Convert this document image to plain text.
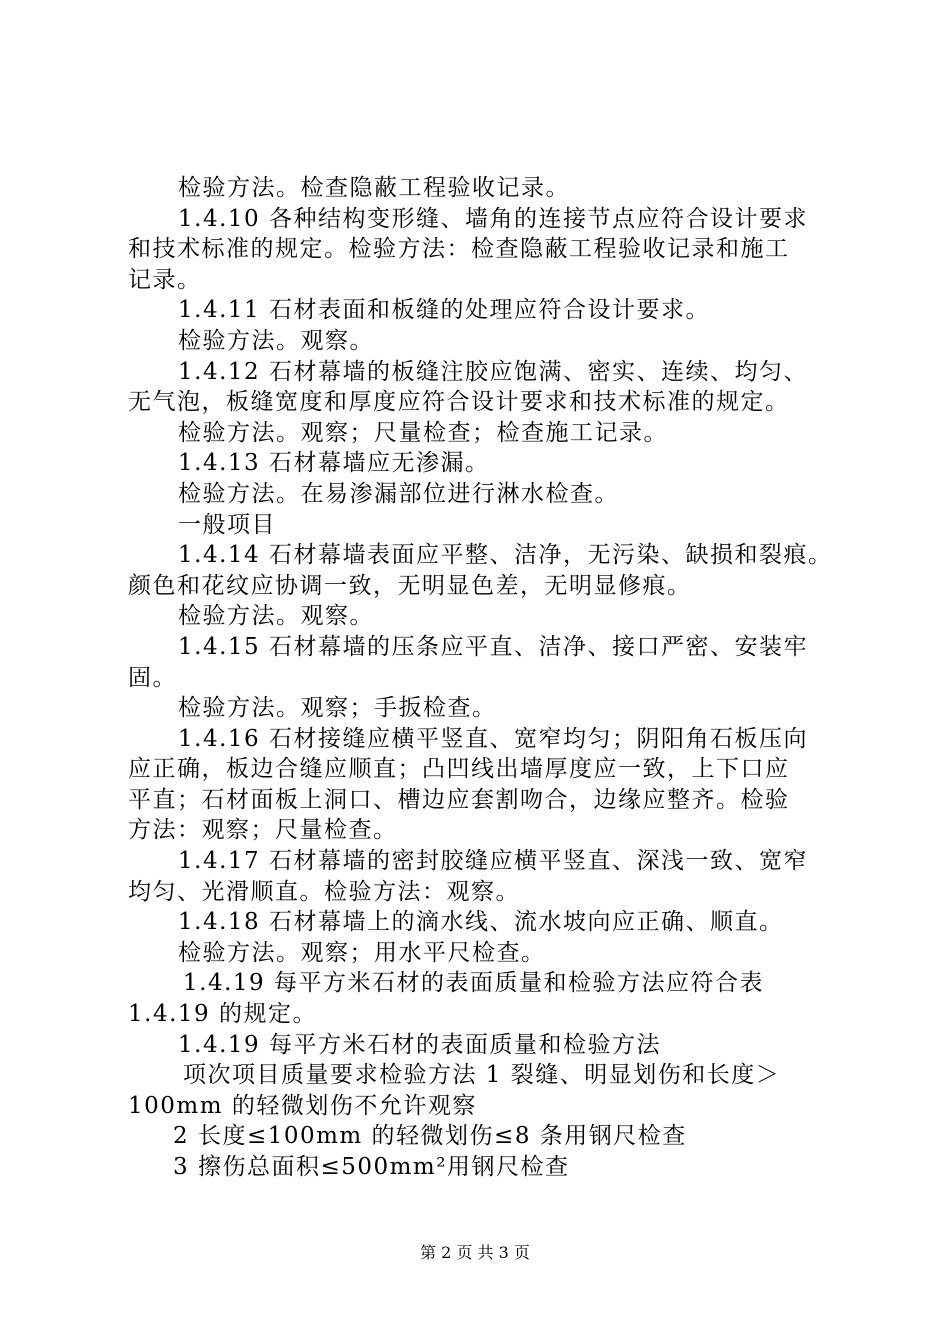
检验方法。检查隐蔽工程验收记录。
1.4.10 各种结构变形缝、墙角的连接节点应符合设计要求
和技术标准的规定。检验方法：检查隐蔽工程验收记录和施工
记录。
1.4.11 石材表面和板缝的处理应符合设计要求。
检验方法。观察。
1.4.12 石材幕墙的板缝注胶应饱满、密实、连续、均匀、
无气泡，板缝宽度和厚度应符合设计要求和技术标准的规定。
检验方法。观察；尺量检查；检查施工记录。
1.4.13 石材幕墙应无渗漏。
检验方法。在易渗漏部位进行淋水检查。
一般项目
1.4.14 石材幕墙表面应平整、洁净，无污染、缺损和裂痕。
颜色和花纹应协调一致，无明显色差，无明显修痕。
检验方法。观察。
1.4.15 石材幕墙的压条应平直、洁净、接口严密、安装牢
固。
检验方法。观察；手扳检查。
1.4.16 石材接缝应横平竖直、宽窄均匀；阴阳角石板压向
应正确，板边合缝应顺直；凸凹线出墙厚度应一致，上下口应
平直；石材面板上洞口、槽边应套割吻合，边缘应整齐。检验
方法：观察；尺量检查。
1.4.17 石材幕墙的密封胶缝应横平竖直、深浅一致、宽窄
均匀、光滑顺直。检验方法：观察。
1.4.18 石材幕墙上的滴水线、流水坡向应正确、顺直。
检验方法。观察；用水平尺检查。
1.4.19 每平方米石材的表面质量和检验方法应符合表
1.4.19 的规定。
1.4.19 每平方米石材的表面质量和检验方法
项次项目质量要求检验方法 1 裂缝、明显划伤和长度＞
100mm 的轻微划伤不允许观察
2 长度≤100mm 的轻微划伤≤8 条用钢尺检查
3 擦伤总面积≤500mm²用钢尺检查
第 2 页 共 3 页
